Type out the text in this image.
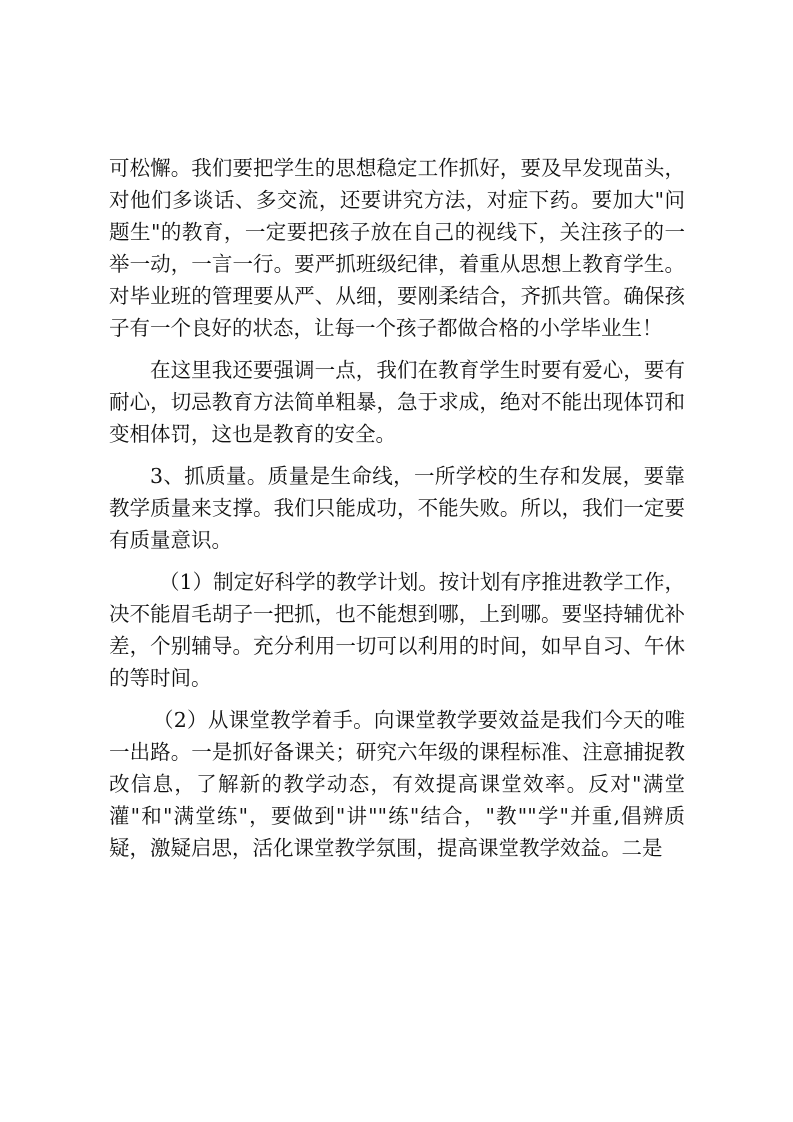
可松懈。我们要把学生的思想稳定工作抓好，要及早发现苗头，对他们多谈话、多交流，还要讲究方法，对症下药。要加大"问题生"的教育，一定要把孩子放在自己的视线下，关注孩子的一举一动，一言一行。要严抓班级纪律，着重从思想上教育学生。对毕业班的管理要从严、从细，要刚柔结合，齐抓共管。确保孩子有一个良好的状态，让每一个孩子都做合格的小学毕业生！

在这里我还要强调一点，我们在教育学生时要有爱心，要有耐心，切忌教育方法简单粗暴，急于求成，绝对不能出现体罚和变相体罚，这也是教育的安全。

3、抓质量。质量是生命线，一所学校的生存和发展，要靠教学质量来支撑。我们只能成功，不能失败。所以，我们一定要有质量意识。

（1）制定好科学的教学计划。按计划有序推进教学工作，决不能眉毛胡子一把抓，也不能想到哪，上到哪。要坚持辅优补差，个别辅导。充分利用一切可以利用的时间，如早自习、午休的等时间。

（2）从课堂教学着手。向课堂教学要效益是我们今天的唯一出路。一是抓好备课关；研究六年级的课程标准、注意捕捉教改信息，了解新的教学动态，有效提高课堂效率。反对"满堂灌"和"满堂练"，要做到"讲""练"结合，"教""学"并重,倡辨质疑，激疑启思，活化课堂教学氛围，提高课堂教学效益。二是
